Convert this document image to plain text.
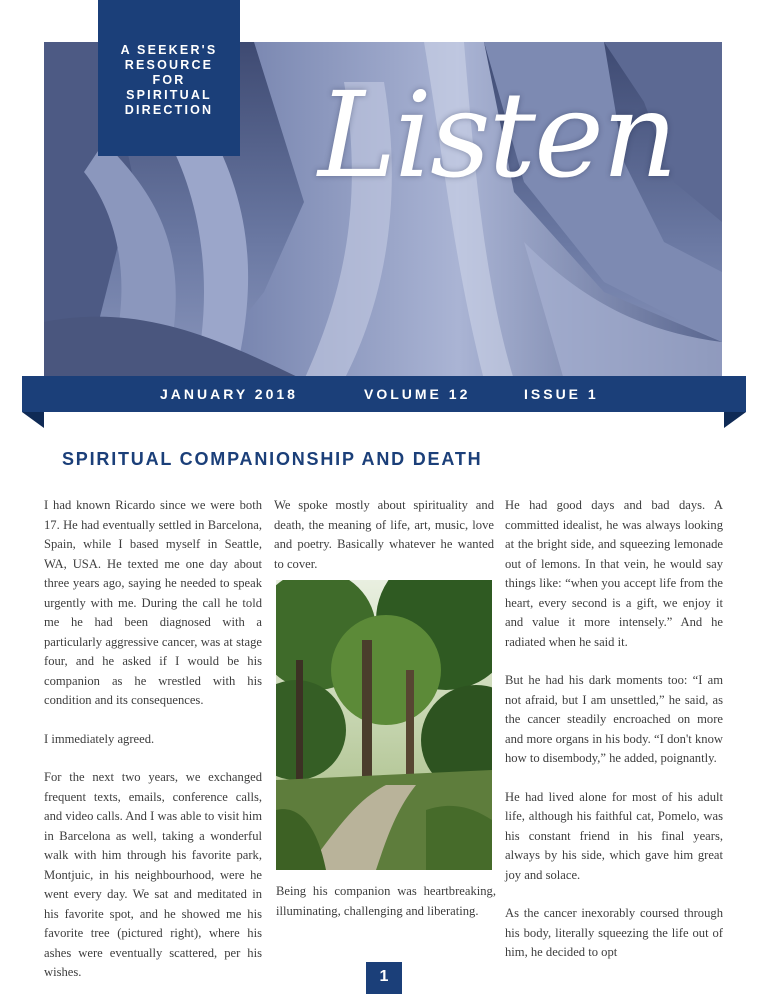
A SEEKER'S
RESOURCE
FOR
SPIRITUAL
DIRECTION Listen
JANUARY 2018	VOLUME 12	ISSUE 1
SPIRITUAL COMPANIONSHIP AND DEATH

I had known Ricardo since we were both 17. He had eventually settled in Barcelona, Spain, while I based myself in Seattle, WA, USA. He texted me one day about three years ago, saying he needed to speak urgently with me. During the call he told me he had been diagnosed with a particularly aggressive cancer, was at stage four, and he asked if I would be his companion as he wrestled with his condition and its consequences.

I immediately agreed.

For the next two years, we exchanged frequent texts, emails, conference calls, and video calls. And I was able to visit him in Barcelona as well, taking a wonderful walk with him through his favorite park, Montjuic, in his neighbourhood, were he went every day. We sat and meditated in his favorite spot, and he showed me his favorite tree (pictured right), where his ashes were eventually scattered, per his wishes.

We spoke mostly about spirituality and death, the meaning of life, art, music, love and poetry. Basically whatever he wanted to cover.

Being his companion was heartbreaking, illuminating, challenging and liberating.

He had good days and bad days. A committed idealist, he was always looking at the bright side, and squeezing lemonade out of lemons. In that vein, he would say things like: “when you accept life from the heart, every second is a gift, we enjoy it and value it more intensely.” And he radiated when he said it.

But he had his dark moments too: “I am not afraid, but I am unsettled,” he said, as the cancer steadily encroached on more and more organs in his body. “I don't know how to disembody,” he added, poignantly.

He had lived alone for most of his adult life, although his faithful cat, Pomelo, was his constant friend in his final years, always by his side, which gave him great joy and solace.

As the cancer inexorably coursed through his body, literally squeezing the life out of him, he decided to opt

1
